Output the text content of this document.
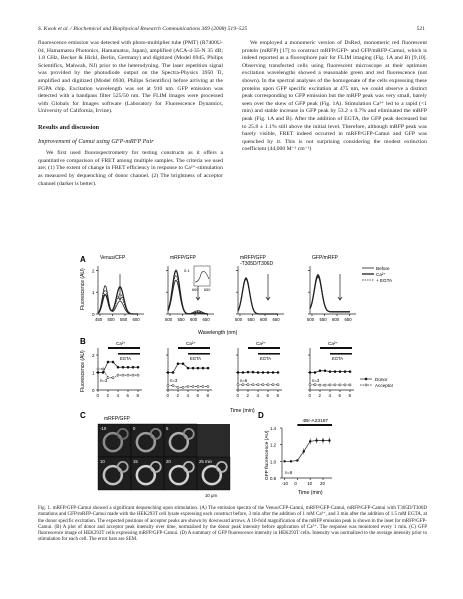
S. Kwok et al. / Biochemical and Biophysical Research Communications 369 (2008) 519–525	521

fluorescence emission was detected with photo-multiplier tube (PMT) (R7400U-04, Hamamatsu Photonics, Hamamatsu, Japan), amplified (ACA-4-35-N 35 dB; 1.8 GHz, Becker & Hickl, Berlin, Germany) and digitized (Model 6945, Philips Scientifics, Mahwah, NJ) prior to the heterodyning. The laser repetition signal was provided by the photodiode output on the Spectra-Physics 3950 Ti, amplified and digitized (Model 6930, Philips Scientifics) before arriving at the FGPA chip. Excitation wavelength was set at 910 nm. GFP emission was detected with a bandpass filter 525/50 nm. The FLIM images were processed with Globals for Images software (Laboratory for Fluorescence Dynamics, University of California, Irvine).

Results and discussion
Improvement of Camui using GFP-mRFP Pair

We first used fluorospectrometry for testing constructs as it offers a quantitative comparison of FRET among multiple samples. The criteria we used are; (1) The extent of change in FRET efficiency in response to Ca²⁺-stimulation as measured by dequenching of donor channel. (2) The brightness of acceptor channel (darker is better).

We employed a monomeric version of DsRed, monomeric red fluorescent protein (mRFP) [17] to construct mRFP/GFP- and GFP/mRFP-Camui, which is indeed reported as a fluorophore pair for FLIM imaging (Fig. 1A and B) [9,10]. Observing transfected cells using fluorescent microscope at their optimum excitation wavelengths showed a reasonable green and red fluorescence (not shown). In the spectral analyses of the homogenate of the cells expressing these proteins upon GFP specific excitation at 475 nm, we could observe a distinct peak corresponding to GFP emission but the mRFP peak was very small, barely seen over the skew of GFP peak (Fig. 1A). Stimulation Ca²⁺ led to a rapid (<1 min) and stable increase in GFP peak by 53.2 ± 0.7% and eliminated the mRFP peak (Fig. 1A and B). After the addition of EGTA, the GFP peak decreased but to 25.8 ± 1.1% still above the initial level. Therefore, although mRFP peak was barely visible, FRET indeed occurred in mRFP/GFP-Camui and GFP was quenched by it. This is not surprising considering the modest extinction coefficient (44,000 M⁻¹ cm⁻¹)

A
B
C	D
Fluorescence (AU)
Wavelength (nm)
Venus/CFP
0
1
2
450 500 550 600
mRFP/GFP
500 550 600 650
mRFP/GFP
-T305D/T306D
500 550 600 650
GFP/mRFP
500 550 600 650
0.1
600 650
Before
Ca²⁺
+ EGTA
Fluorescence (AU)
Time (min)
0
1
2
0 2 4 6 8
Ca²⁺
EGTA
n=3
0 2 4 6 8
Ca²⁺
EGTA
n=3
0 2 4 6 8
Ca²⁺
EGTA
n=6
0 2 4 6 8
Ca²⁺
EGTA
n=3	Donor
Acceptor
mRFP/GFP
-10	0	5
10	15	20	25 min
10 μm
GFP fluorescence (AU)
Time (min)
0.8
1.0
1.2
1.4
-10 0 10 20
4Br-A23187
n=6
Fig. 1. mRFP/GFP-Camui showed a significant dequenching upon stimulation. (A) The emission spectra of the Venus/CFP-Camui, mRFP/GFP-Camui, mRFP/GFP-Camui with T305D/T306D mutations and GFP/mRFP-Camui made with the HEK293T cell lysate expressing each construct before, 3 min after the addition of 1 mM Ca²⁺, and 3 min after the addition of 1.5 mM EGTA, at the donor specific excitation. The expected positions of acceptor peaks are shown by downward arrows. A 10-fold magnification of the mRFP emission peak is shown in the inset for mRFP/GFP-Camui. (B) A plot of donor and acceptor peak intensity over time, normalized by the donor peak intensity before application of Ca²⁺. The response was monitored every 1 min. (C) GFP fluorescence image of HEK293T cells expressing mRFP/GFP-Camui. (D) A summary of GFP fluorescence intensity in HEK293T cells. Intensity was normalized to the average intensity prior to stimulation for each cell. The error bars are SEM.
